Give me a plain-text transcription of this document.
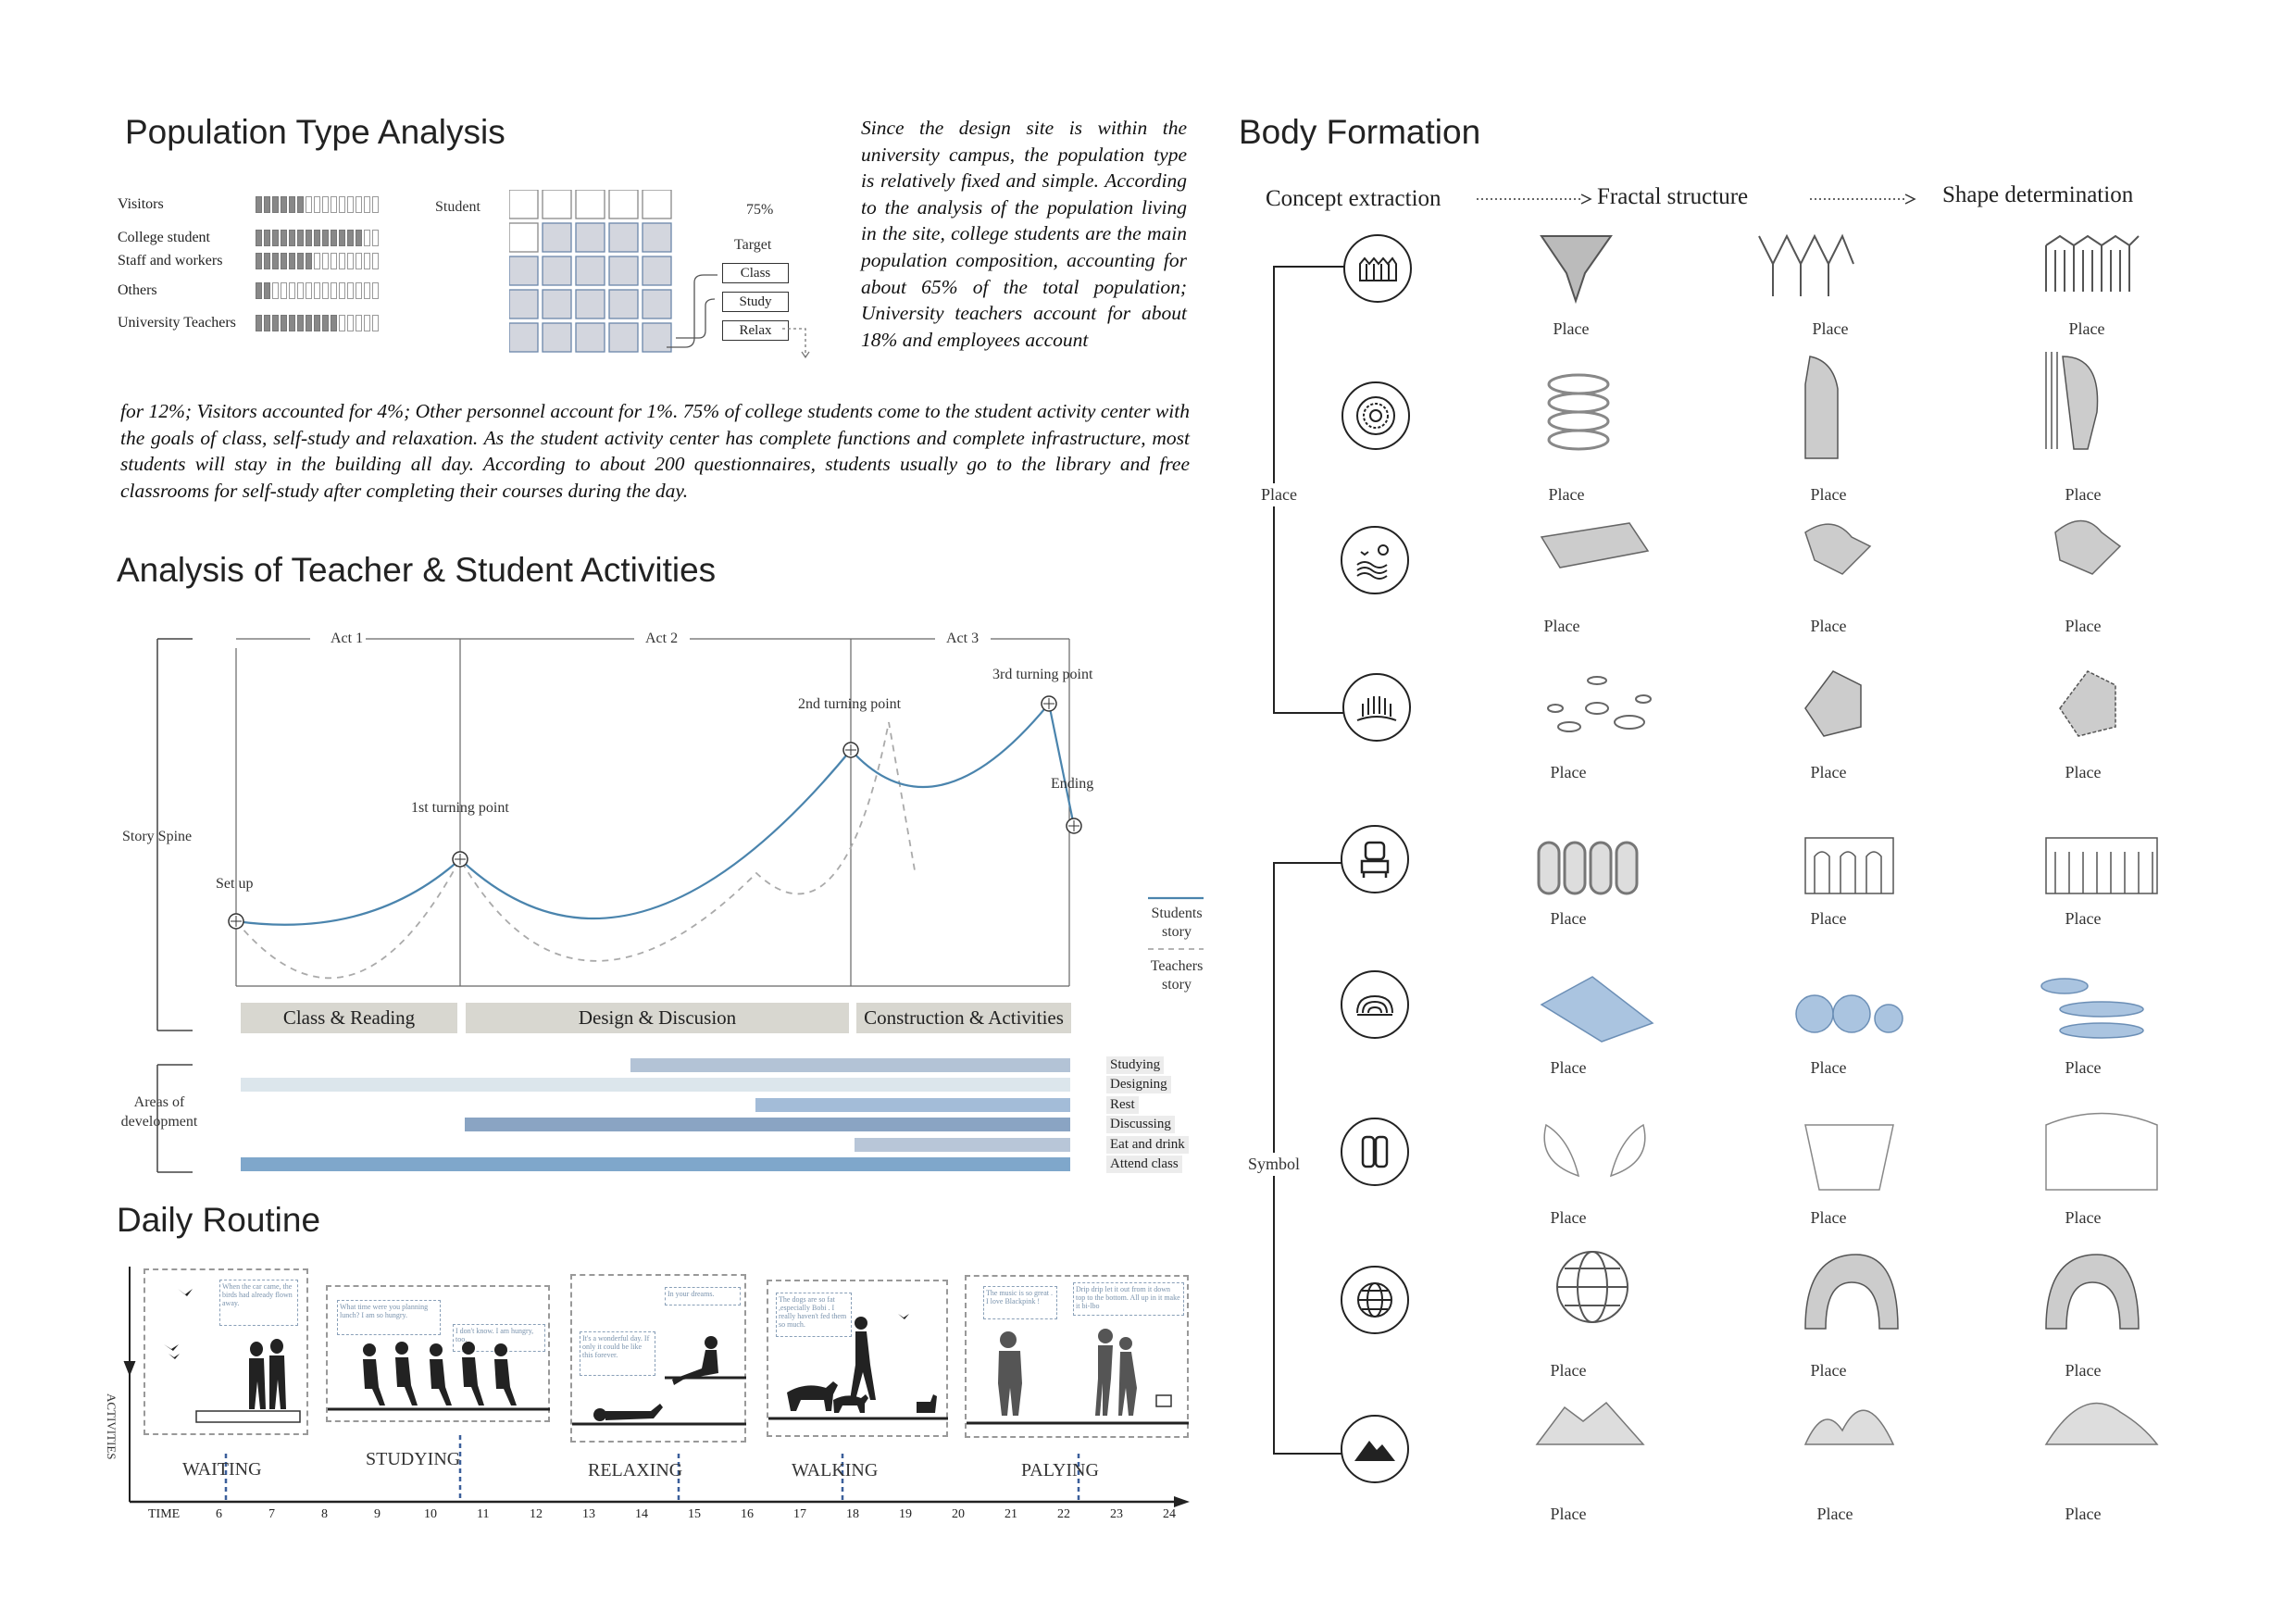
Population Type Analysis
Visitors
College student
Staff and workers
Others
University Teachers
Student	75%
Target
Class
Study
Relax
Since the design site is within the university campus, the population type is relatively fixed and simple. According to the analysis of the population living in the site, college students are the main population composition, accounting for about 65% of the total population; University teachers account for about 18% and employees account
for 12%; Visitors accounted for 4%; Other personnel account for 1%. 75% of college students come to the student activity center with the goals of class, self-study and relaxation. As the student activity center has complete functions and complete infrastructure, most students will stay in the building all day. According to about 200 questionnaires, students usually go to the library and free classrooms for self-study after completing their courses during the day.
Analysis of Teacher & Student Activities
Act 1	Act 2	Act 3
Story Spine
Set up
1st turning point
2nd turning point
3rd turning point
Ending
Students story
Teachers story
Class & Reading	Design & Discusion	Construction & Activities
Areas of development
Studying
Designing
Rest
Discussing
Eat and drink
Attend class
Daily Routine
ACTIVITIES
TIME	6	7	8	9	10	11	12	13	14	15	16	17	18	19	20	21	22	23	24
When the car came, the birds had already flown away.
WAITING
What time were you planning lunch? I am so hungry.
I don't know. I am hungry, too.
STUDYING
It's a wonderful day. If only it could be like this forever.
In your dreams.
RELAXING
The dogs are so fat ,especially Bobi . I really haven't fed them so much.
WALKING
The music is so great . I love Blackpink !
Drip drip let it out from it down top to the bottom. All up in it make it bi-lbo
PALYING
Body Formation
Concept extraction	Fractal structure	Shape determination
Place
Symbol
Place	Place	Place
Place	Place	Place
Place	Place	Place
Place	Place	Place
Place	Place	Place
Place	Place	Place
Place	Place	Place
Place	Place	Place
Place	Place	Place
